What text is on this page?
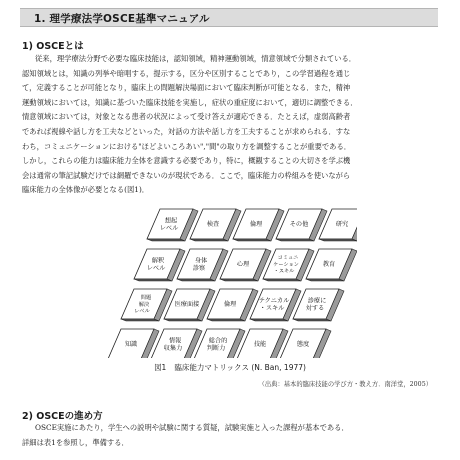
1. 理学療法学OSCE基準マニュアル
1) OSCEとは
従来，理学療法分野で必要な臨床技能は，認知領域，精神運動領域，情意領域で分類されている．
認知領域とは，知識の列挙や暗唱する，提示する，区分や区別することであり，この学習過程を通じ
て，定義することが可能となり，臨床上の問題解決場面において臨床判断が可能となる．また，精神
運動領域においては，知識に基づいた臨床技能を実施し，症状の重症度において，適切に調整できる．
情意領域においては，対象となる患者の状況によって受け答えが適応できる．たとえば，虚弱高齢者
であれば視線や話し方を工夫などといった，対話の方法や話し方を工夫することが求められる．すな
わち，コミュニケーションにおける"ほどよいころあい","間"の取り方を調整することが重要である．
しかし，これらの能力は臨床能力全体を意識する必要であり，特に，概観することの大切さを学ぶ機
会は通常の筆記試験だけでは網羅できないのが現状である．ここで，臨床能力の枠組みを使いながら
臨床能力の全体像が必要となる(図1)．
想起
レベル
検査	倫理	その他	研究
解釈
レベル
身体
診察
心理
コミュニ
ケーション
・スキル
教育
問題
解決
レベル
医療面接	倫理
テクニカル
・スキル
診療に
対する
知識
情報
収集力
総合的
判断力
技能	態度
図1 臨床能力マトリックス (N. Ban, 1977)
（出典：基本的臨床技能の学び方・教え方．南洋堂，2005）
2) OSCEの進め方
OSCE実施にあたり，学生への説明や試験に関する質疑，試験実施と入った課程が基本である．
詳細は表1を参照し，準備する．
